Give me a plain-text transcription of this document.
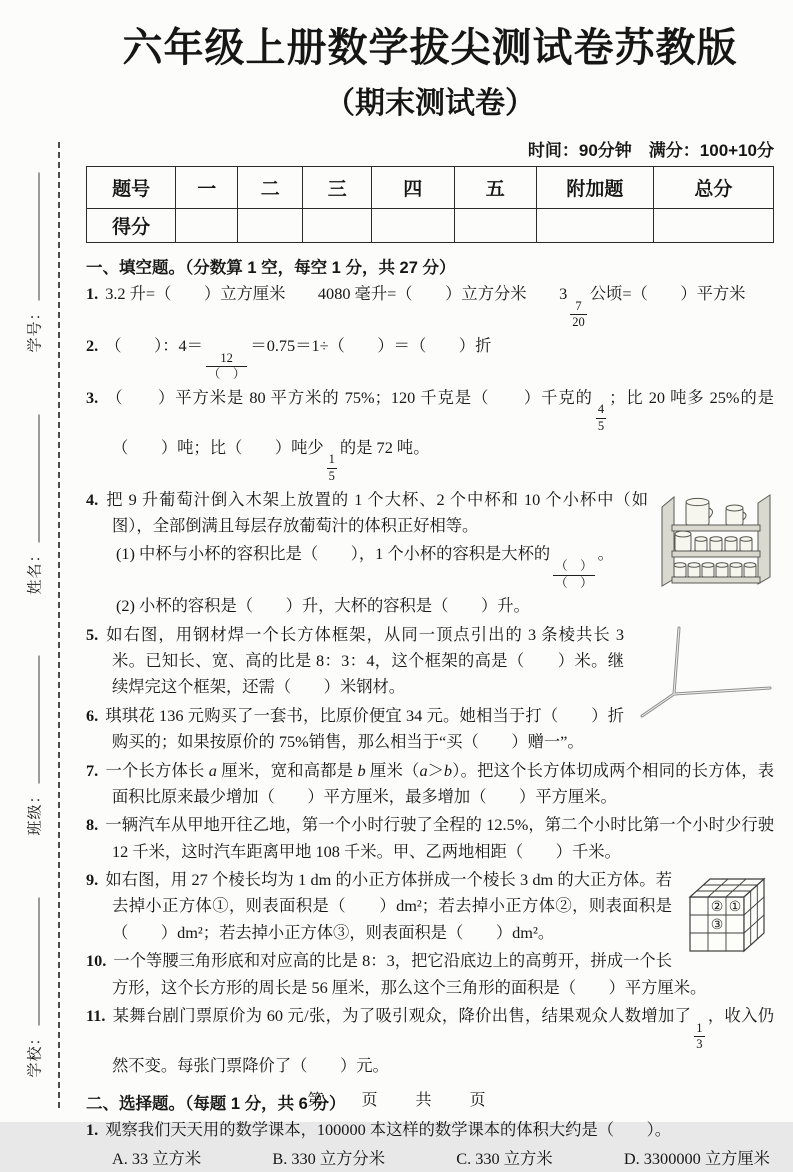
学号：
姓名：
班级：
学校：
六年级上册数学拔尖测试卷苏教版
（期末测试卷）
时间：90分钟　满分：100+10分
题号	一	二	三	四	五	附加题	总分
得分							
一、填空题。（分数算 1 空，每空 1 分，共 27 分）
1. 3.2 升=（　　）立方厘米　　4080 毫升=（　　）立方分米　　3
$\frac{7}{20}$
公顷=（　　）平方米
2. （　　）：4＝
$\frac{12}{( )}$
＝0.75＝1÷（　　）＝（　　）折
3. （　　）平方米是 80 平方米的 75%；120 千克是（　　）千克的
$\frac{4}{5}$
；比 20 吨多 25%的是（　　）吨；比（　　）吨少
$\frac{1}{5}$
的是 72 吨。
4. 把 9 升葡萄汁倒入木架上放置的 1 个大杯、2 个中杯和 10 个小杯中（如图），全部倒满且每层存放葡萄汁的体积正好相等。
(1) 中杯与小杯的容积比是（　　），1 个小杯的容积是大杯的
$\frac{( )}{( )}$
。
(2) 小杯的容积是（　　）升，大杯的容积是（　　）升。
5. 如右图，用钢材焊一个长方体框架，从同一顶点引出的 3 条棱共长 3 米。已知长、宽、高的比是 8：3：4，这个框架的高是（　　）米。继续焊完这个框架，还需（　　）米钢材。
6. 琪琪花 136 元购买了一套书，比原价便宜 34 元。她相当于打（　　）折购买的；如果按原价的 75%销售，那么相当于“买（　　）赠一”。
7. 一个长方体长 a 厘米，宽和高都是 b 厘米（a＞b）。把这个长方体切成两个相同的长方体，表面积比原来最少增加（　　）平方厘米，最多增加（　　）平方厘米。
8. 一辆汽车从甲地开往乙地，第一个小时行驶了全程的 12.5%，第二个小时比第一个小时少行驶 12 千米，这时汽车距离甲地 108 千米。甲、乙两地相距（　　）千米。
② ①
③
9. 如右图，用 27 个棱长均为 1 dm 的小正方体拼成一个棱长 3 dm 的大正方体。若去掉小正方体①，则表面积是（　　）dm²；若去掉小正方体②，则表面积是（　　）dm²；若去掉小正方体③，则表面积是（　　）dm²。
10. 一个等腰三角形底和对应高的比是 8：3，把它沿底边上的高剪开，拼成一个长方形，这个长方形的周长是 56 厘米，那么这个三角形的面积是（　　）平方厘米。
11. 某舞台剧门票原价为 60 元/张，为了吸引观众，降价出售，结果观众人数增加了
$\frac{1}{3}$
，收入仍然不变。每张门票降价了（　　）元。
二、选择题。（每题 1 分，共 6 分）
1. 观察我们天天用的数学课本，100000 本这样的数学课本的体积大约是（　　）。
A. 33 立方米	B. 330 立方分米	C. 330 立方米	D. 3300000 立方厘米
第　页　共　页
